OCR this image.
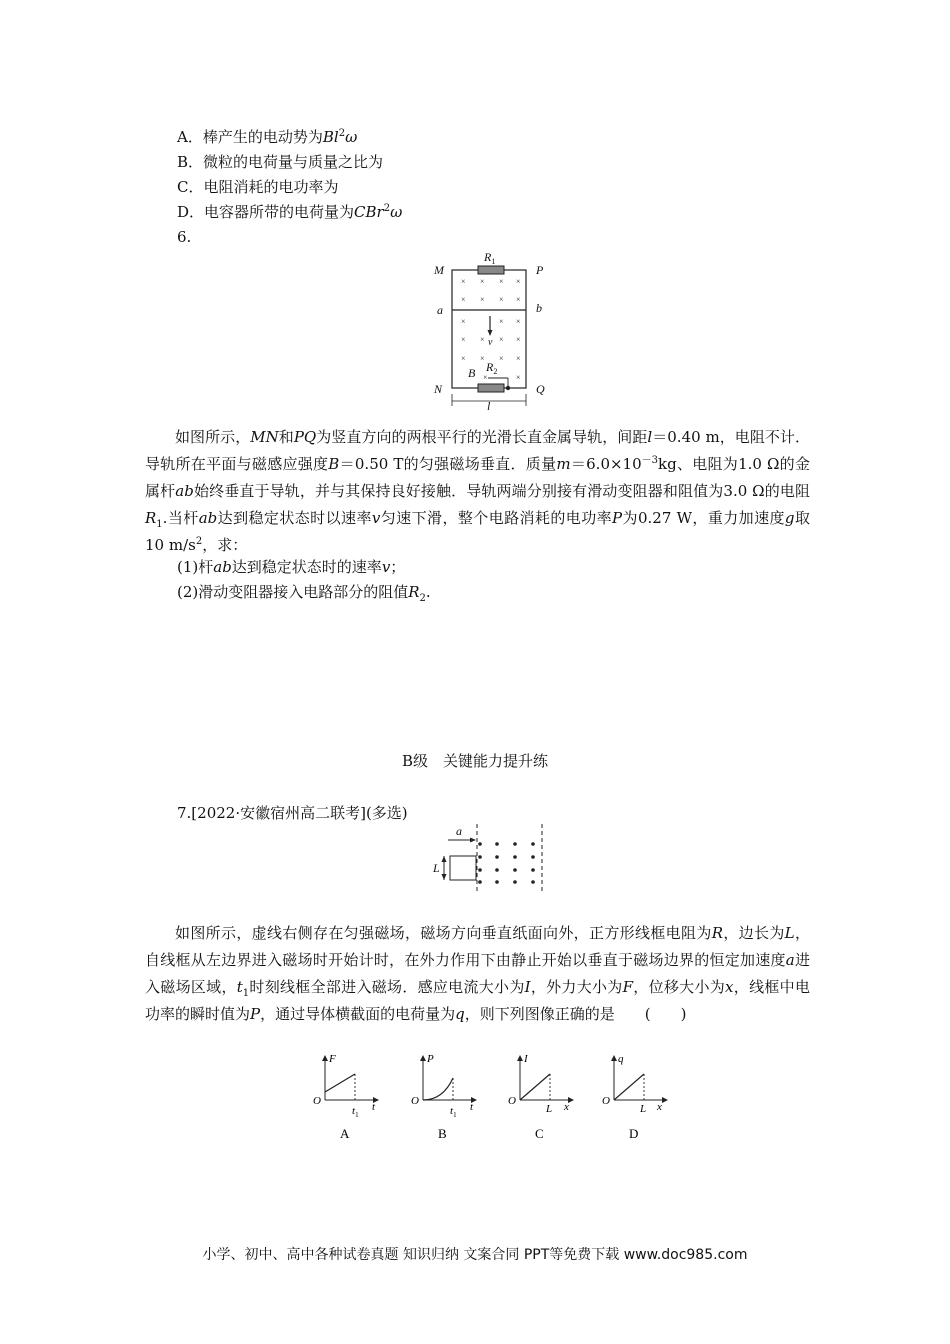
A．棒产生的电动势为Bl$^2$ω
B．微粒的电荷量与质量之比为
C．电阻消耗的电功率为
D．电容器所带的电荷量为CBr$^2$ω
6.
× × × ×
× × × ×
×	× ×
× × × ×
× × × ×
×	×
M	P
a	b
N	Q
$R_1$
$R_2$
B
v
l
如图所示，MN和PQ为竖直方向的两根平行的光滑长直金属导轨，间距l＝0.40 m，电阻不计．导轨所在平面与磁感应强度B＝0.50 T的匀强磁场垂直．质量$m=6.0\times 10^{-3}kg$、电阻为1.0 Ω的金属杆ab始终垂直于导轨，并与其保持良好接触．导轨两端分别接有滑动变阻器和阻值为3.0 Ω的电阻$R_1$.当杆ab达到稳定状态时以速率v匀速下滑，整个电路消耗的电功率P为0.27 W，重力加速度g取10 $m/s^2$，求：
(1)杆ab达到稳定状态时的速率v；
(2)滑动变阻器接入电路部分的阻值$R_2$.
B级　关键能力提升练
7.[2022·安徽宿州高二联考](多选)
a
L
如图所示，虚线右侧存在匀强磁场，磁场方向垂直纸面向外，正方形线框电阻为R，边长为L，自线框从左边界进入磁场时开始计时，在外力作用下由静止开始以垂直于磁场边界的恒定加速度a进入磁场区域，$t_1$时刻线框全部进入磁场．感应电流大小为I，外力大小为F，位移大小为x，线框中电功率的瞬时值为P，通过导体横截面的电荷量为q，则下列图像正确的是　　(　　)
F
O
$t_1$
t
A
P
O
$t_1$
t
B
I
O
L x
C
q
O
L x
D
小学、初中、高中各种试卷真题 知识归纳 文案合同 PPT等免费下载 www.doc985.com
